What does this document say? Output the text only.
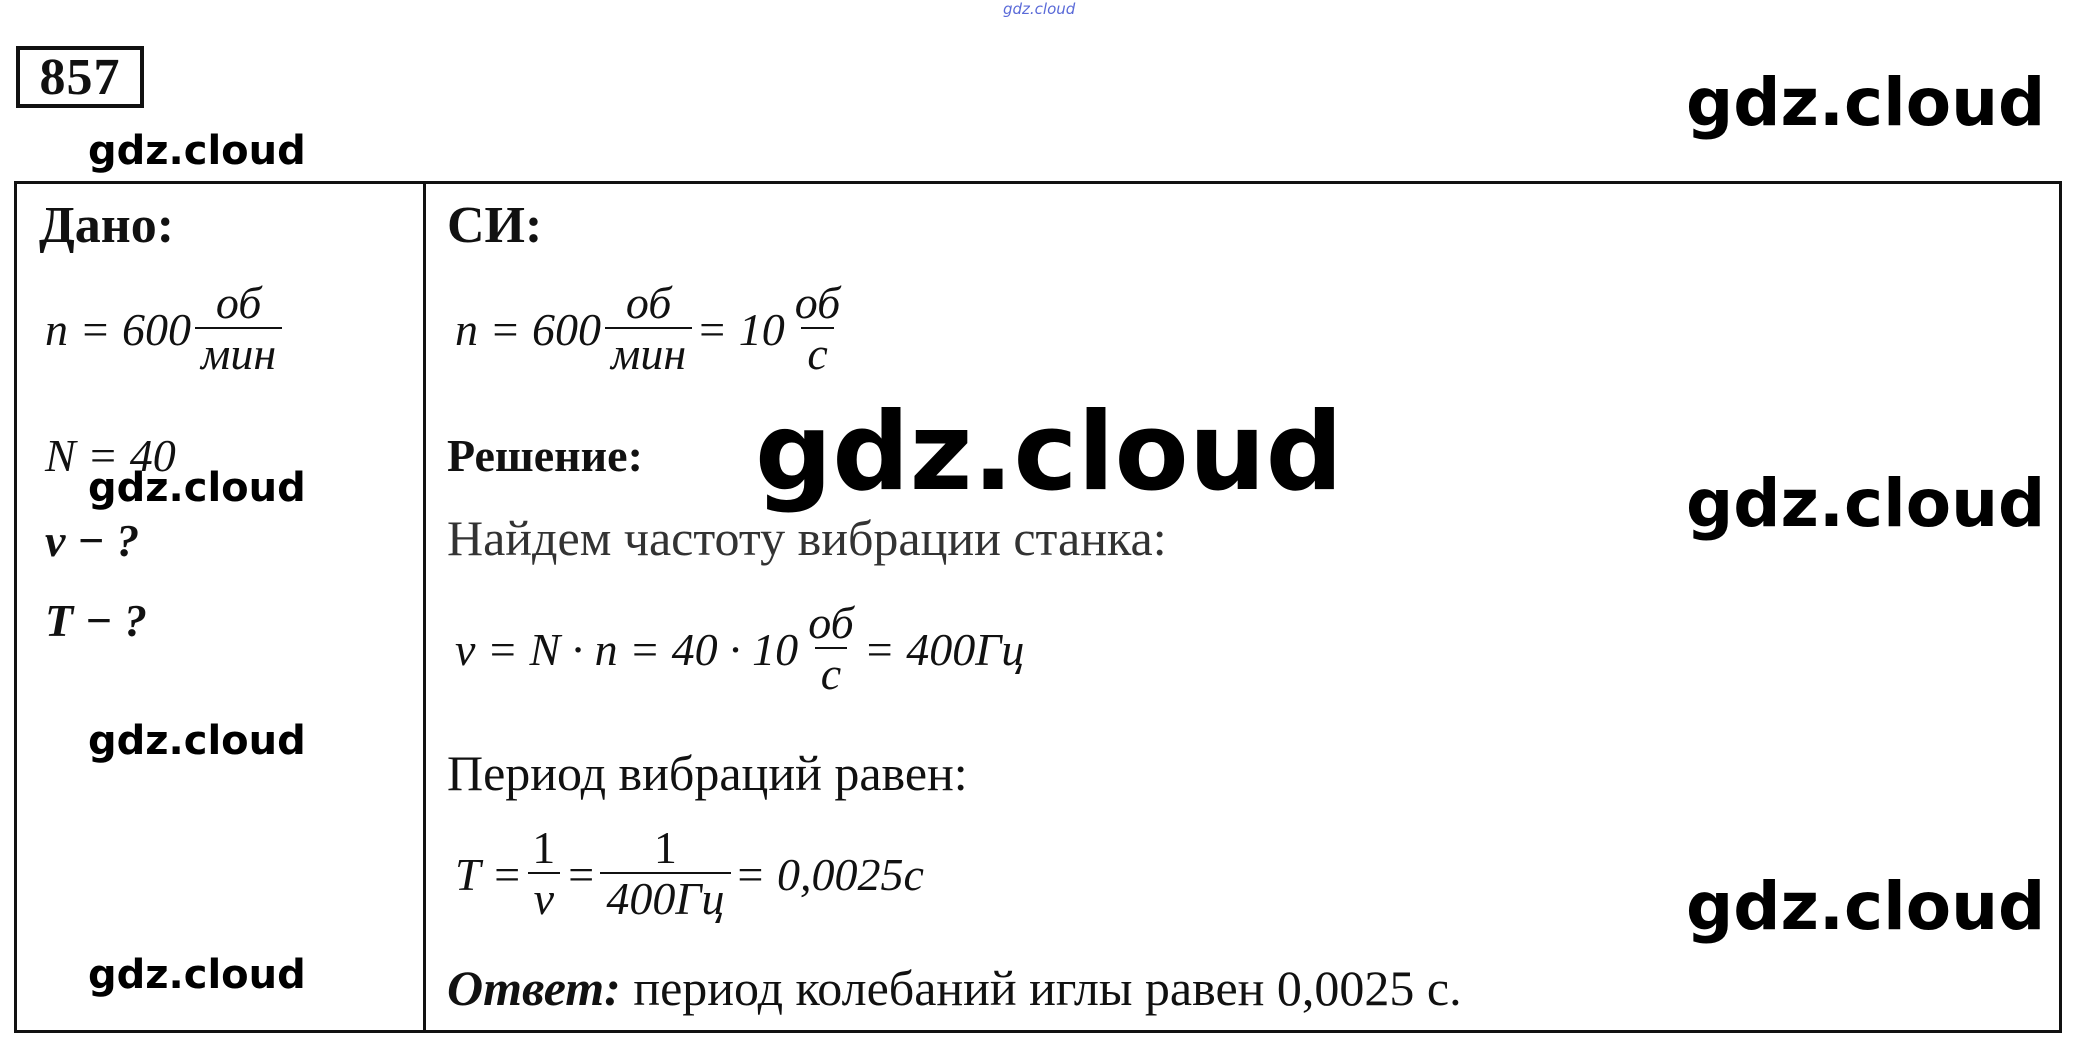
gdz.cloud
857
gdz.cloud
gdz.cloud
Дано:
$n = 600 \frac{об}{\text{мин}}$
N = 40
ν − ?
T − ?
СИ:
$n = 600 \frac{об}{\text{мин}} = 10 \frac{об}{с}$
Решение:
Найдем частоту вибрации станка:
$\nu = N \cdot n = 40 \cdot 10 \frac{об}{с} = 400Гц$
Период вибраций равен:
$T = \frac{1}{\nu} = \frac{1}{400Гц} = 0,0025с$
Ответ: период колебаний иглы равен 0,0025 с.
gdz.cloud	gdz.cloud
gdz.cloud
gdz.cloud
gdz.cloud
gdz.cloud
